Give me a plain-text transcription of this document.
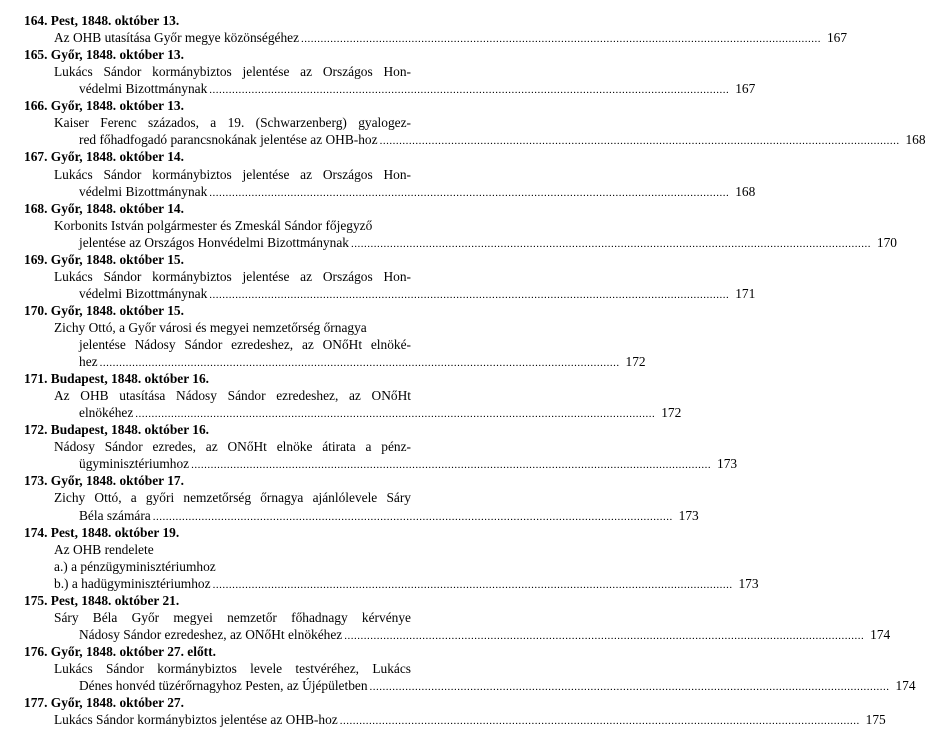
164. Pest, 1848. október 13.
Az OHB utasítása Győr megye közönségéhez ................................................................................................................................................................ 167
165. Győr, 1848. október 13.
Lukács Sándor kormánybiztos jelentése az Országos Hon-
védelmi Bizottmánynak ................................................................................................................................................................ 167
166. Győr, 1848. október 13.
Kaiser Ferenc százados, a 19. (Schwarzenberg) gyalogez-
red főhadfogadó parancsnokának jelentése az OHB-hoz ................................................................................................................................................................ 168
167. Győr, 1848. október 14.
Lukács Sándor kormánybiztos jelentése az Országos Hon-
védelmi Bizottmánynak ................................................................................................................................................................ 168
168. Győr, 1848. október 14.
Korbonits István polgármester és Zmeskál Sándor főjegyző
jelentése az Országos Honvédelmi Bizottmánynak ................................................................................................................................................................ 170
169. Győr, 1848. október 15.
Lukács Sándor kormánybiztos jelentése az Országos Hon-
védelmi Bizottmánynak ................................................................................................................................................................ 171
170. Győr, 1848. október 15.
Zichy Ottó, a Győr városi és megyei nemzetőrség őrnagya
jelentése Nádosy Sándor ezredeshez, az ONőHt elnöké-
hez ................................................................................................................................................................ 172
171. Budapest, 1848. október 16.
Az OHB utasítása Nádosy Sándor ezredeshez, az ONőHt
elnökéhez ................................................................................................................................................................ 172
172. Budapest, 1848. október 16.
Nádosy Sándor ezredes, az ONőHt elnöke átirata a pénz-
ügyminisztériumhoz ................................................................................................................................................................ 173
173. Győr, 1848. október 17.
Zichy Ottó, a győri nemzetőrség őrnagya ajánlólevele Sáry
Béla számára ................................................................................................................................................................ 173
174. Pest, 1848. október 19.
Az OHB rendelete
a.) a pénzügyminisztériumhoz
b.) a hadügyminisztériumhoz ................................................................................................................................................................ 173
175. Pest, 1848. október 21.
Sáry Béla Győr megyei nemzetőr főhadnagy kérvénye
Nádosy Sándor ezredeshez, az ONőHt elnökéhez ................................................................................................................................................................ 174
176. Győr, 1848. október 27. előtt.
Lukács Sándor kormánybiztos levele testvéréhez, Lukács
Dénes honvéd tüzérőrnagyhoz Pesten, az Újépületben ................................................................................................................................................................ 174
177. Győr, 1848. október 27.
Lukács Sándor kormánybiztos jelentése az OHB-hoz ................................................................................................................................................................ 175
